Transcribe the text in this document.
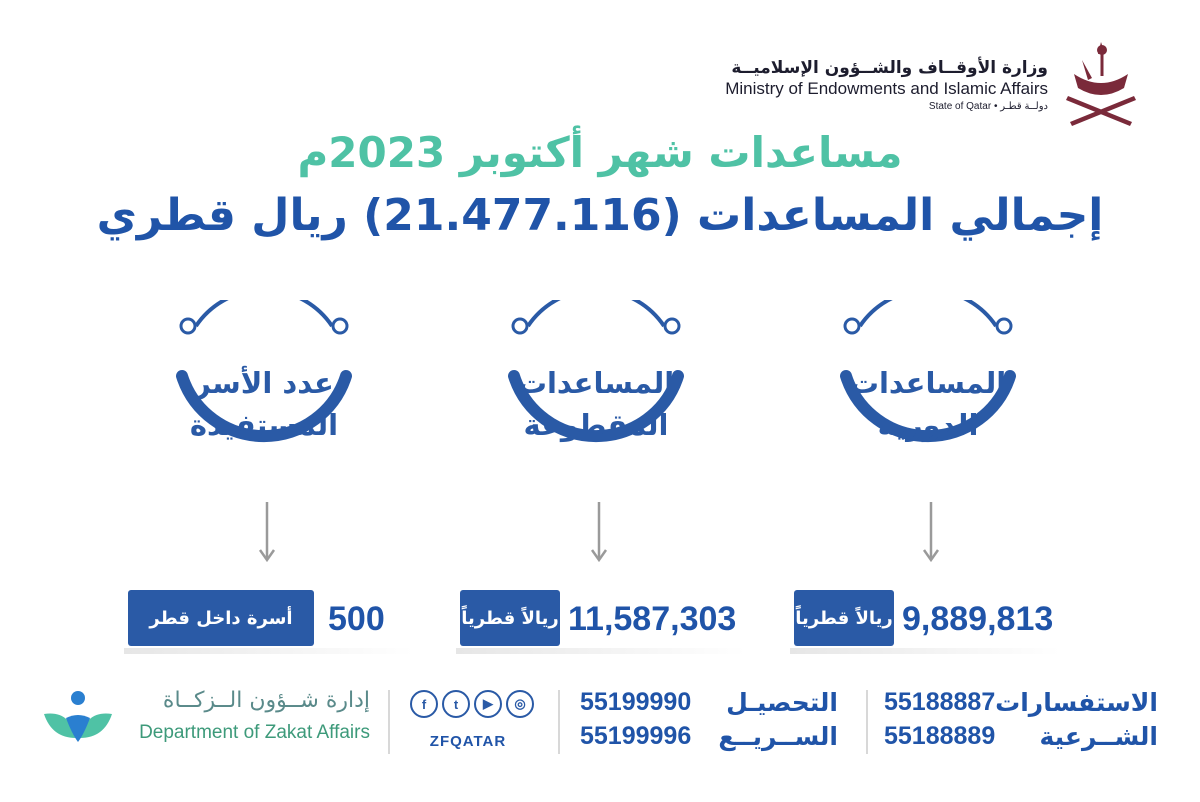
وزارة الأوقــاف والشــؤون الإسلاميــة
Ministry of Endowments and Islamic Affairs
State of Qatar • دولــة قطـر
مساعدات شهر أكتوبر 2023م
إجمالي المساعدات (21.477.116) ريال قطري
المساعدات
الدورية
المساعدات
المقطوعة
عدد الأسر
المستفيدة
ريالاً قطرياً 9,889,813
ريالاً قطرياً 11,587,303
أسرة داخل قطر	500
الاستفسارات
55188887
الشــرعية
55188889
التحصيـل
55199990
الســريــع
55199996
◎
▶
t
f
ZFQATAR
إدارة شــؤون الــزكــاة
Department of Zakat Affairs
